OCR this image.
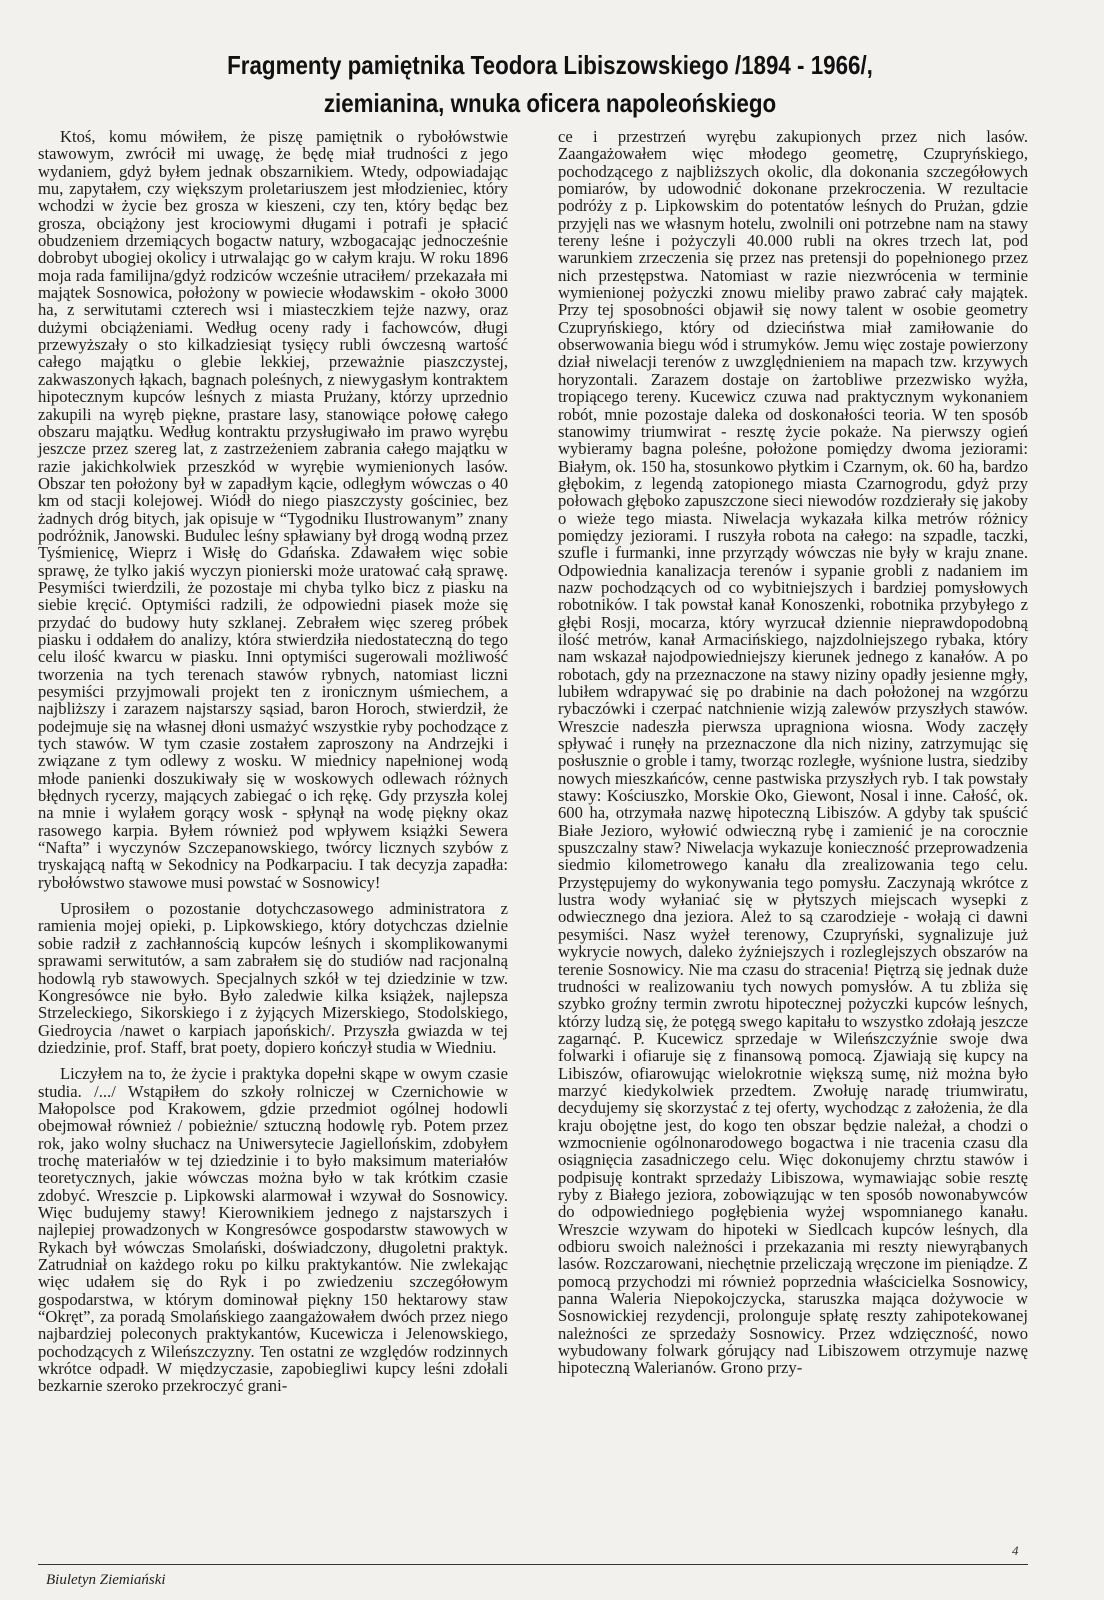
Fragmenty pamiętnika Teodora Libiszowskiego /1894 - 1966/,
ziemianina, wnuka oficera napoleońskiego

Ktoś, komu mówiłem, że piszę pamiętnik o rybołówstwie stawowym, zwrócił mi uwagę, że będę miał trudności z jego wydaniem, gdyż byłem jednak obszarnikiem. Wtedy, odpowiadając mu, zapytałem, czy większym proletariuszem jest młodzieniec, który wchodzi w życie bez grosza w kieszeni, czy ten, który będąc bez grosza, obciążony jest krociowymi długami i potrafi je spłacić obudzeniem drzemiących bogactw natury, wzbogacając jednocześnie dobrobyt ubogiej okolicy i utrwalając go w całym kraju. W roku 1896 moja rada familijna/gdyż rodziców wcześnie utraciłem/ przekazała mi majątek Sosnowica, położony w powiecie włodawskim - około 3000 ha, z serwitutami czterech wsi i miasteczkiem tejże nazwy, oraz dużymi obciążeniami. Według oceny rady i fachowców, długi przewyższały o sto kilkadziesiąt tysięcy rubli ówczesną wartość całego majątku o glebie lekkiej, przeważnie piaszczystej, zakwaszonych łąkach, bagnach poleśnych, z niewygasłym kontraktem hipotecznym kupców leśnych z miasta Prużany, którzy uprzednio zakupili na wyręb piękne, prastare lasy, stanowiące połowę całego obszaru majątku. Według kontraktu przysługiwało im prawo wyrębu jeszcze przez szereg lat, z zastrzeżeniem zabrania całego majątku w razie jakichkolwiek przeszkód w wyrębie wymienionych lasów. Obszar ten położony był w zapadłym kącie, odległym wówczas o 40 km od stacji kolejowej. Wiódł do niego piaszczysty gościniec, bez żadnych dróg bitych, jak opisuje w “Tygodniku Ilustrowanym” znany podróżnik, Janowski. Budulec leśny spławiany był drogą wodną przez Tyśmienicę, Wieprz i Wisłę do Gdańska. Zdawałem więc sobie sprawę, że tylko jakiś wyczyn pionierski może uratować całą sprawę. Pesymiści twierdzili, że pozostaje mi chyba tylko bicz z piasku na siebie kręcić. Optymiści radzili, że odpowiedni piasek może się przydać do budowy huty szklanej. Zebrałem więc szereg próbek piasku i oddałem do analizy, która stwierdziła niedostateczną do tego celu ilość kwarcu w piasku. Inni optymiści sugerowali możliwość tworzenia na tych terenach stawów rybnych, natomiast liczni pesymiści przyjmowali projekt ten z ironicznym uśmiechem, a najbliższy i zarazem najstarszy sąsiad, baron Horoch, stwierdził, że podejmuje się na własnej dłoni usmażyć wszystkie ryby pochodzące z tych stawów. W tym czasie zostałem zaproszony na Andrzejki i związane z tym odlewy z wosku. W miednicy napełnionej wodą młode panienki doszukiwały się w woskowych odlewach różnych błędnych rycerzy, mających zabiegać o ich rękę. Gdy przyszła kolej na mnie i wylałem gorący wosk - spłynął na wodę piękny okaz rasowego karpia. Byłem również pod wpływem książki Sewera “Nafta” i wyczynów Szczepanowskiego, twórcy licznych szybów z tryskającą naftą w Sekodnicy na Podkarpaciu. I tak decyzja zapadła: rybołówstwo stawowe musi powstać w Sosnowicy!

Uprosiłem o pozostanie dotychczasowego administratora z ramienia mojej opieki, p. Lipkowskiego, który dotychczas dzielnie sobie radził z zachłannością kupców leśnych i skomplikowanymi sprawami serwitutów, a sam zabrałem się do studiów nad racjonalną hodowlą ryb stawowych. Specjalnych szkół w tej dziedzinie w tzw. Kongresówce nie było. Było zaledwie kilka książek, najlepsza Strzeleckiego, Sikorskiego i z żyjących Mizerskiego, Stodolskiego, Giedroycia /nawet o karpiach japońskich/. Przyszła gwiazda w tej dziedzinie, prof. Staff, brat poety, dopiero kończył studia w Wiedniu.

Liczyłem na to, że życie i praktyka dopełni skąpe w owym czasie studia. /.../ Wstąpiłem do szkoły rolniczej w Czernichowie w Małopolsce pod Krakowem, gdzie przedmiot ogólnej hodowli obejmował również / pobieżnie/ sztuczną hodowlę ryb. Potem przez rok, jako wolny słuchacz na Uniwersytecie Jagiellońskim, zdobyłem trochę materiałów w tej dziedzinie i to było maksimum materiałów teoretycznych, jakie wówczas można było w tak krótkim czasie zdobyć. Wreszcie p. Lipkowski alarmował i wzywał do Sosnowicy. Więc budujemy stawy! Kierownikiem jednego z najstarszych i najlepiej prowadzonych w Kongresówce gospodarstw stawowych w Rykach był wówczas Smolański, doświadczony, długoletni praktyk. Zatrudniał on każdego roku po kilku praktykantów. Nie zwlekając więc udałem się do Ryk i po zwiedzeniu szczegółowym gospodarstwa, w którym dominował piękny 150 hektarowy staw “Okręt”, za poradą Smolańskiego zaangażowałem dwóch przez niego najbardziej poleconych praktykantów, Kucewicza i Jelenowskiego, pochodzących z Wileńszczyzny. Ten ostatni ze względów rodzinnych wkrótce odpadł. W międzyczasie, zapobiegliwi kupcy leśni zdołali bezkarnie szeroko przekroczyć grani-

ce i przestrzeń wyrębu zakupionych przez nich lasów. Zaangażowałem więc młodego geometrę, Czupryńskiego, pochodzącego z najbliższych okolic, dla dokonania szczegółowych pomiarów, by udowodnić dokonane przekroczenia. W rezultacie podróży z p. Lipkowskim do potentatów leśnych do Prużan, gdzie przyjęli nas we własnym hotelu, zwolnili oni potrzebne nam na stawy tereny leśne i pożyczyli 40.000 rubli na okres trzech lat, pod warunkiem zrzeczenia się przez nas pretensji do popełnionego przez nich przestępstwa. Natomiast w razie niezwrócenia w terminie wymienionej pożyczki znowu mieliby prawo zabrać cały majątek. Przy tej sposobności objawił się nowy talent w osobie geometry Czupryńskiego, który od dzieciństwa miał zamiłowanie do obserwowania biegu wód i strumyków. Jemu więc zostaje powierzony dział niwelacji terenów z uwzględnieniem na mapach tzw. krzywych horyzontali. Zarazem dostaje on żartobliwe przezwisko wyżła, tropiącego tereny. Kucewicz czuwa nad praktycznym wykonaniem robót, mnie pozostaje daleka od doskonałości teoria. W ten sposób stanowimy triumwirat - resztę życie pokaże. Na pierwszy ogień wybieramy bagna poleśne, położone pomiędzy dwoma jeziorami: Białym, ok. 150 ha, stosunkowo płytkim i Czarnym, ok. 60 ha, bardzo głębokim, z legendą zatopionego miasta Czarnogrodu, gdyż przy połowach głęboko zapuszczone sieci niewodów rozdzierały się jakoby o wieże tego miasta. Niwelacja wykazała kilka metrów różnicy pomiędzy jeziorami. I ruszyła robota na całego: na szpadle, taczki, szufle i furmanki, inne przyrządy wówczas nie były w kraju znane. Odpowiednia kanalizacja terenów i sypanie grobli z nadaniem im nazw pochodzących od co wybitniejszych i bardziej pomysłowych robotników. I tak powstał kanał Konoszenki, robotnika przybyłego z głębi Rosji, mocarza, który wyrzucał dziennie nieprawdopodobną ilość metrów, kanał Armacińskiego, najzdolniejszego rybaka, który nam wskazał najodpowiedniejszy kierunek jednego z kanałów. A po robotach, gdy na przeznaczone na stawy niziny opadły jesienne mgły, lubiłem wdrapywać się po drabinie na dach położonej na wzgórzu rybaczówki i czerpać natchnienie wizją zalewów przyszłych stawów. Wreszcie nadeszła pierwsza upragniona wiosna. Wody zaczęły spływać i runęły na przeznaczone dla nich niziny, zatrzymując się posłusznie o groble i tamy, tworząc rozległe, wyśnione lustra, siedziby nowych mieszkańców, cenne pastwiska przyszłych ryb. I tak powstały stawy: Kościuszko, Morskie Oko, Giewont, Nosal i inne. Całość, ok. 600 ha, otrzymała nazwę hipoteczną Libiszów. A gdyby tak spuścić Białe Jezioro, wyłowić odwieczną rybę i zamienić je na corocznie spuszczalny staw? Niwelacja wykazuje konieczność przeprowadzenia siedmio kilometrowego kanału dla zrealizowania tego celu. Przystępujemy do wykonywania tego pomysłu. Zaczynają wkrótce z lustra wody wyłaniać się w płytszych miejscach wysepki z odwiecznego dna jeziora. Ależ to są czarodzieje - wołają ci dawni pesymiści. Nasz wyżeł terenowy, Czupryński, sygnalizuje już wykrycie nowych, daleko żyźniejszych i rozleglejszych obszarów na terenie Sosnowicy. Nie ma czasu do stracenia! Piętrzą się jednak duże trudności w realizowaniu tych nowych pomysłów. A tu zbliża się szybko groźny termin zwrotu hipotecznej pożyczki kupców leśnych, którzy ludzą się, że potęgą swego kapitału to wszystko zdołają jeszcze zagarnąć. P. Kucewicz sprzedaje w Wileńszczyźnie swoje dwa folwarki i ofiaruje się z finansową pomocą. Zjawiają się kupcy na Libiszów, ofiarowując wielokrotnie większą sumę, niż można było marzyć kiedykolwiek przedtem. Zwołuję naradę triumwiratu, decydujemy się skorzystać z tej oferty, wychodząc z założenia, że dla kraju obojętne jest, do kogo ten obszar będzie należał, a chodzi o wzmocnienie ogólnonarodowego bogactwa i nie tracenia czasu dla osiągnięcia zasadniczego celu. Więc dokonujemy chrztu stawów i podpisuję kontrakt sprzedaży Libiszowa, wymawiając sobie resztę ryby z Białego jeziora, zobowiązując w ten sposób nowonabywców do odpowiedniego pogłębienia wyżej wspomnianego kanału. Wreszcie wzywam do hipoteki w Siedlcach kupców leśnych, dla odbioru swoich należności i przekazania mi reszty niewyrąbanych lasów. Rozczarowani, niechętnie przeliczają wręczone im pieniądze. Z pomocą przychodzi mi również poprzednia właścicielka Sosnowicy, panna Waleria Niepokojczycka, staruszka mająca dożywocie w Sosnowickiej rezydencji, prolonguje spłatę reszty zahipotekowanej należności ze sprzedaży Sosnowicy. Przez wdzięczność, nowo wybudowany folwark górujący nad Libiszowem otrzymuje nazwę hipoteczną Walerianów. Grono przy-

4
Biuletyn Ziemiański
